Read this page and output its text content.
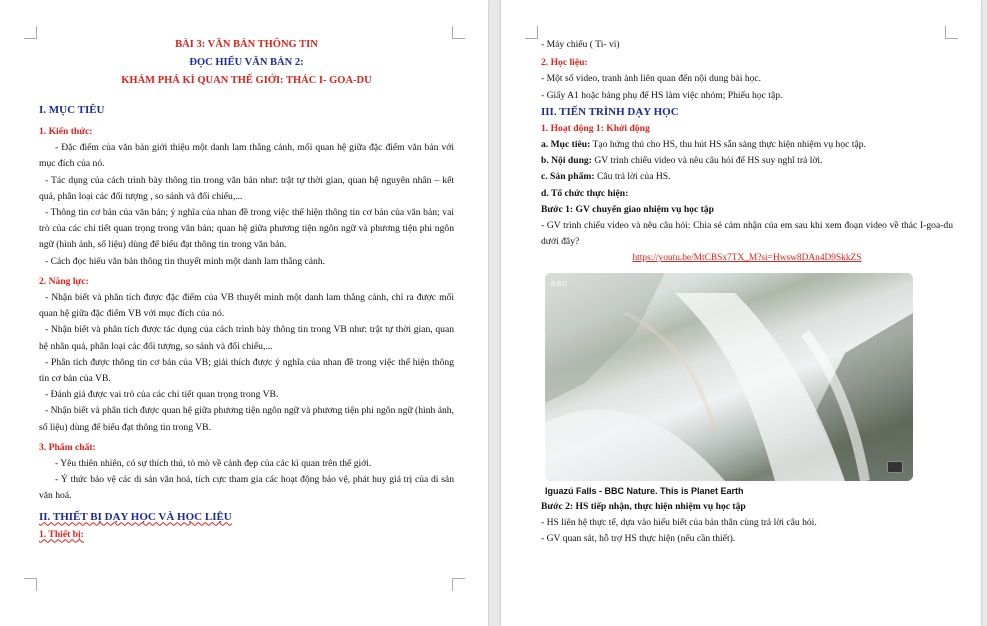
BÀI 3: VĂN BẢN THÔNG TIN
ĐỌC HIỂU VĂN BẢN 2:
KHÁM PHÁ KÌ QUAN THẾ GIỚI: THÁC I- GOA-DU
I. MỤC TIÊU
1. Kiến thức:

- Đặc điểm của văn bản giới thiệu một danh lam thắng cảnh, mối quan hệ giữa đặc điểm văn bản với mục đích của nó.

- Tác dụng của cách trình bày thông tin trong văn bản như: trật tự thời gian, quan hệ nguyên nhân – kết quả, phân loại các đối tượng , so sánh và đối chiếu,...

- Thông tin cơ bản của văn bản; ý nghĩa của nhan đề trong việc thể hiện thông tin cơ bản của văn bản; vai trò của các chi tiết quan trọng trong văn bản; quan hệ giữa phương tiện ngôn ngữ và phương tiện phi ngôn ngữ (hình ảnh, số liệu) dùng để biểu đạt thông tin trong văn bản.

- Cách đọc hiểu văn bản thông tin thuyết minh một danh lam thắng cảnh.

2. Năng lực:

- Nhận biết và phân tích được đặc điểm của VB thuyết minh một danh lam thắng cảnh, chỉ ra được mối quan hệ giữa đặc điểm VB với mục đích của nó.

- Nhận biết và phân tích được tác dụng của cách trình bày thông tin trong VB như: trật tự thời gian, quan hệ nhân quả, phân loại các đối tượng, so sánh và đối chiếu,...

- Phân tích được thông tin cơ bản của VB; giải thích được ý nghĩa của nhan đề trong việc thể hiện thông tin cơ bản của VB.

- Đánh giá được vai trò của các chi tiết quan trọng trong VB.

- Nhận biết và phân tích được quan hệ giữa phương tiện ngôn ngữ và phương tiện phi ngôn ngữ (hình ảnh, số liệu) dùng để biểu đạt thông tin trong VB.

3. Phẩm chất:

- Yêu thiên nhiên, có sự thích thú, tò mò về cảnh đẹp của các kì quan trên thế giới.

- Ý thức bảo vệ các di sản văn hoá, tích cực tham gia các hoạt động bảo vệ, phát huy giá trị của di sản văn hoá.

II. THIẾT BỊ DẠY HỌC VÀ HỌC LIỆU
1. Thiết bị:

- Máy chiếu ( Ti- vi)

2. Học liệu:

- Một số video, tranh ảnh liên quan đến nội dung bài học.

- Giấy A1 hoặc bảng phụ để HS làm việc nhóm; Phiếu học tập.

III. TIẾN TRÌNH DẠY HỌC
1. Hoạt động 1: Khởi động

a. Mục tiêu: Tạo hứng thú cho HS, thu hút HS sẵn sàng thực hiện nhiệm vụ học tập.

b. Nội dung: GV trình chiếu video và nêu câu hỏi để HS suy nghĩ trả lời.

c. Sản phẩm: Câu trả lời của HS.

d. Tổ chức thực hiện:

Bước 1: GV chuyển giao nhiệm vụ học tập

- GV trình chiếu video và nêu câu hỏi: Chia sẻ cảm nhận của em sau khi xem đoạn video về thác I-goa-du dưới đây?

https://youtu.be/MtCBSx7TX_M?si=Hwsw8DAn4D9SkkZS
BBC
Iguazú Falls - BBC Nature. This is Planet Earth

Bước 2: HS tiếp nhận, thực hiện nhiệm vụ học tập

- HS liên hệ thực tế, dựa vào hiểu biết của bản thân cùng trả lời câu hỏi.

- GV quan sát, hỗ trợ HS thực hiện (nếu cần thiết).
